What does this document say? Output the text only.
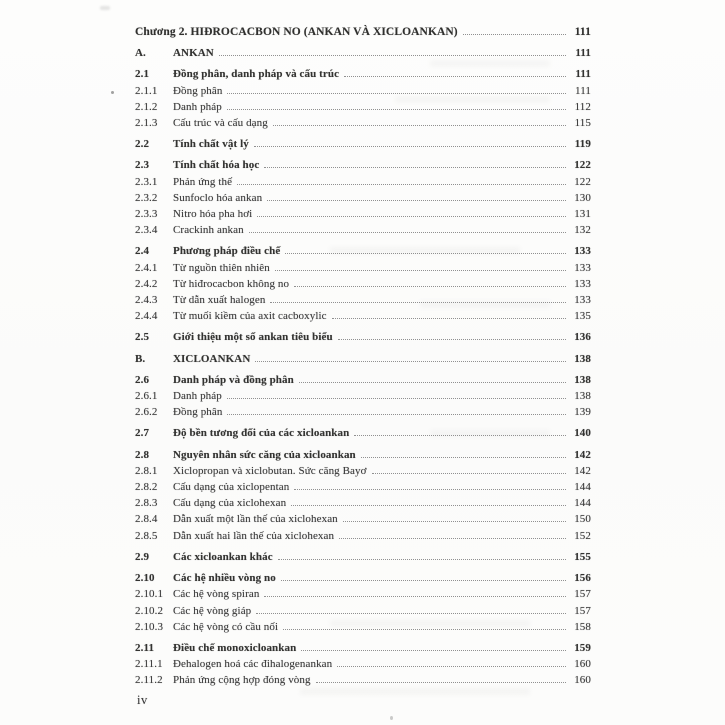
Chương 2. HIĐROCACBON NO (ANKAN VÀ XICLOANKAN)	111
A.	ANKAN	111
2.1	Đồng phân, danh pháp và cấu trúc	111
2.1.1	Đồng phân	111
2.1.2	Danh pháp	112
2.1.3	Cấu trúc và cấu dạng	115
2.2	Tính chất vật lý	119
2.3	Tính chất hóa học	122
2.3.1	Phản ứng thế	122
2.3.2	Sunfoclo hóa ankan	130
2.3.3	Nitro hóa pha hơi	131
2.3.4	Crackinh ankan	132
2.4	Phương pháp điều chế	133
2.4.1	Từ nguồn thiên nhiên	133
2.4.2	Từ hiđrocacbon không no	133
2.4.3	Từ dẫn xuất halogen	133
2.4.4	Từ muối kiềm của axit cacboxylic	135
2.5	Giới thiệu một số ankan tiêu biểu	136
B.	XICLOANKAN	138
2.6	Danh pháp và đồng phân	138
2.6.1	Danh pháp	138
2.6.2	Đồng phân	139
2.7	Độ bền tương đối của các xicloankan	140
2.8	Nguyên nhân sức căng của xicloankan	142
2.8.1	Xiclopropan và xiclobutan. Sức căng Bayơ	142
2.8.2	Cấu dạng của xiclopentan	144
2.8.3	Cấu dạng của xiclohexan	144
2.8.4	Dẫn xuất một lần thế của xiclohexan	150
2.8.5	Dẫn xuất hai lần thế của xiclohexan	152
2.9	Các xicloankan khác	155
2.10	Các hệ nhiều vòng no	156
2.10.1 Các hệ vòng spiran	157
2.10.2 Các hệ vòng giáp	157
2.10.3 Các hệ vòng có cầu nối	158
2.11	Điều chế monoxicloankan	159
2.11.1 Đehalogen hoá các đihalogenankan	160
2.11.2 Phản ứng cộng hợp đóng vòng	160
iv
